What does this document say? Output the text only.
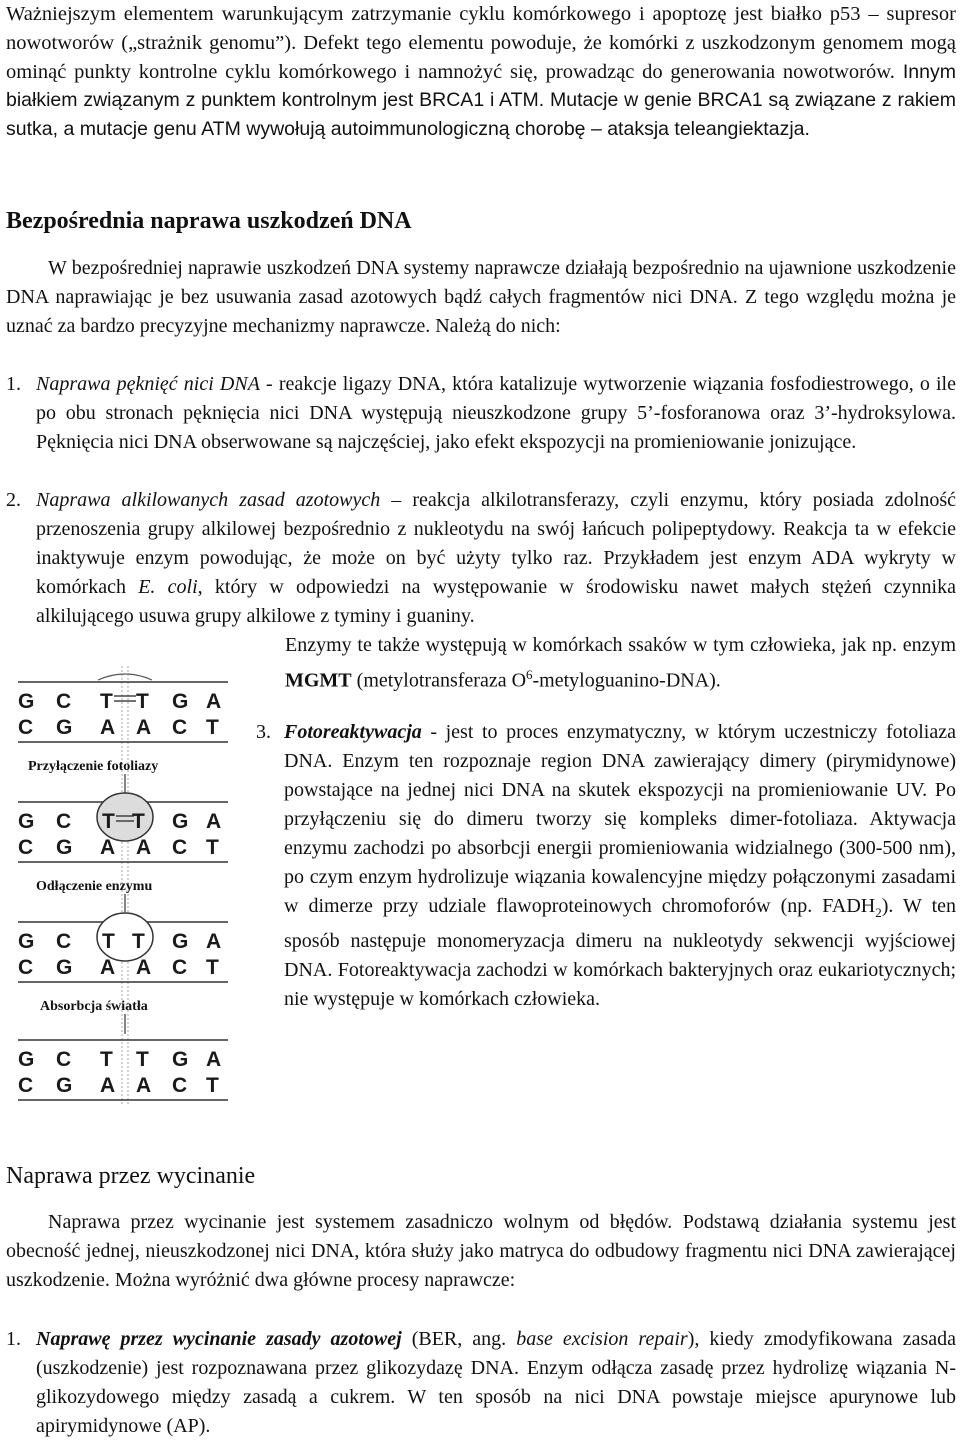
Ważniejszym elementem warunkującym zatrzymanie cyklu komórkowego i apoptozę jest białko p53 – supresor nowotworów („strażnik genomu”). Defekt tego elementu powoduje, że komórki z uszkodzonym genomem mogą ominąć punkty kontrolne cyklu komórkowego i namnożyć się, prowadząc do generowania nowotworów. Innym białkiem związanym z punktem kontrolnym jest BRCA1 i ATM. Mutacje w genie BRCA1 są związane z rakiem sutka, a mutacje genu ATM wywołują autoimmunologiczną chorobę – ataksja teleangiektazja.
Bezpośrednia naprawa uszkodzeń DNA
W bezpośredniej naprawie uszkodzeń DNA systemy naprawcze działają bezpośrednio na ujawnione uszkodzenie DNA naprawiając je bez usuwania zasad azotowych bądź całych fragmentów nici DNA. Z tego względu można je uznać za bardzo precyzyjne mechanizmy naprawcze. Należą do nich:
1. Naprawa pęknięć nici DNA - reakcje ligazy DNA, która katalizuje wytworzenie wiązania fosfodiestrowego, o ile po obu stronach pęknięcia nici DNA występują nieuszkodzone grupy 5’-fosforanowa oraz 3’-hydroksylowa. Pęknięcia nici DNA obserwowane są najczęściej, jako efekt ekspozycji na promieniowanie jonizujące.
2. Naprawa alkilowanych zasad azotowych – reakcja alkilotransferazy, czyli enzymu, który posiada zdolność przenoszenia grupy alkilowej bezpośrednio z nukleotydu na swój łańcuch polipeptydowy. Reakcja ta w efekcie inaktywuje enzym powodując, że może on być użyty tylko raz. Przykładem jest enzym ADA wykryty w komórkach E. coli, który w odpowiedzi na występowanie w środowisku nawet małych stężeń czynnika alkilującego usuwa grupy alkilowe z tyminy i guaniny.
Enzymy te także występują w komórkach ssaków w tym człowieka, jak np. enzym MGMT (metylotransferaza $O^6-metyloguanino-DNA$).
3. Fotoreaktywacja - jest to proces enzymatyczny, w którym uczestniczy fotoliaza DNA. Enzym ten rozpoznaje region DNA zawierający dimery (pirymidynowe) powstające na jednej nici DNA na skutek ekspozycji na promieniowanie UV. Po przyłączeniu się do dimeru tworzy się kompleks dimer-fotoliaza. Aktywacja enzymu zachodzi po absorbcji energii promieniowania widzialnego (300-500 nm), po czym enzym hydrolizuje wiązania kowalencyjne między połączonymi zasadami w dimerze przy udziale flawoproteinowych chromoforów (np. $FADH_2$). W ten sposób następuje monomeryzacja dimeru na nukleotydy sekwencji wyjściowej DNA. Fotoreaktywacja zachodzi w komórkach bakteryjnych oraz eukariotycznych; nie występuje w komórkach człowieka.
G C T T G A
C G A A C T
Przyłączenie fotoliazy
G C T T G A
C G A A C T
Odłączenie enzymu
G C T T G A
C G A A C T
Absorbcja światła
G C T T G A
C G A A C T
Naprawa przez wycinanie
Naprawa przez wycinanie jest systemem zasadniczo wolnym od błędów. Podstawą działania systemu jest obecność jednej, nieuszkodzonej nici DNA, która służy jako matryca do odbudowy fragmentu nici DNA zawierającej uszkodzenie. Można wyróżnić dwa główne procesy naprawcze:
1. Naprawę przez wycinanie zasady azotowej (BER, ang. base excision repair), kiedy zmodyfikowana zasada (uszkodzenie) jest rozpoznawana przez glikozydazę DNA. Enzym odłącza zasadę przez hydrolizę wiązania N-glikozydowego między zasadą a cukrem. W ten sposób na nici DNA powstaje miejsce apurynowe lub apirymidynowe (AP).
